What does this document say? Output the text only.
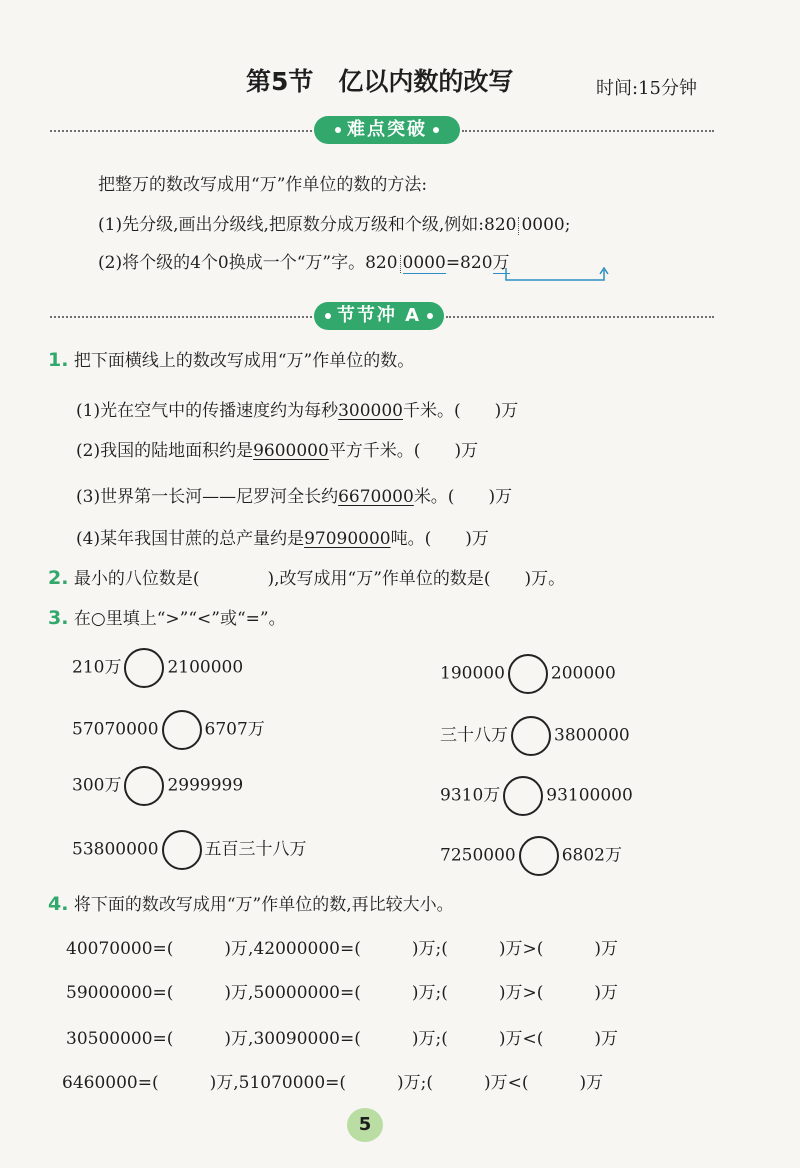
第5节　亿以内数的改写	时间:15分钟
难点突破
把整万的数改写成用“万”作单位的数的方法:
(1)先分级,画出分级线,把原数分成万级和个级,例如:820 0000;
(2)将个级的4个0换成一个“万”字。820 0000=820万
节节冲 A
1. 把下面横线上的数改写成用“万”作单位的数。
(1)光在空气中的传播速度约为每秒300000千米。(　　)万
(2)我国的陆地面积约是9600000平方千米。(　　)万
(3)世界第一长河——尼罗河全长约6670000米。(　　)万
(4)某年我国甘蔗的总产量约是97090000吨。(　　)万
2. 最小的八位数是(　　　　),改写成用“万”作单位的数是(　　)万。
3. 在○里填上“>”“<”或“=”。
210万	2100000
57070000	6707万
300万	2999999
53800000	五百三十八万
190000	200000
三十八万	3800000
9310万	93100000
7250000	6802万
4. 将下面的数改写成用“万”作单位的数,再比较大小。
40070000=(　　　)万,42000000=(　　　)万;(　　　)万>(　　　)万
59000000=(　　　)万,50000000=(　　　)万;(　　　)万>(　　　)万
30500000=(　　　)万,30090000=(　　　)万;(　　　)万<(　　　)万
6460000=(　　　)万,51070000=(　　　)万;(　　　)万<(　　　)万
5
